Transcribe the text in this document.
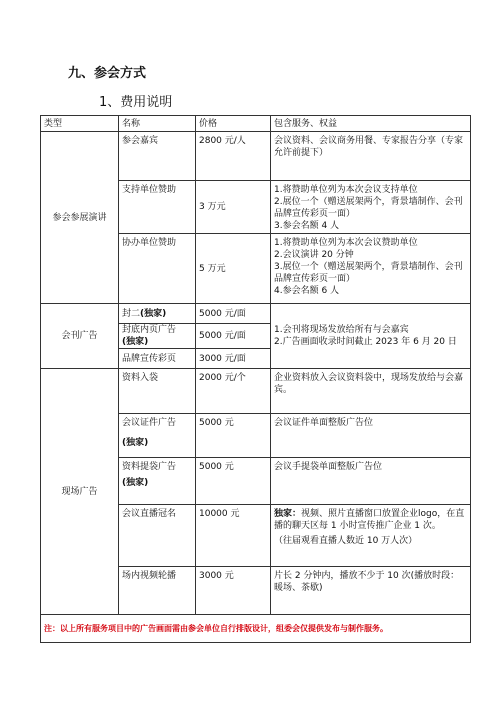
九、参会方式
1、费用说明
类型	名称	价格	包含服务、权益
参会参展演讲	参会嘉宾	2800 元/人	会议资料、会议商务用餐、专家报告分享（专家允许前提下）
	支持单位赞助	3 万元	1.将赞助单位列为本次会议支持单位
2.展位一个（赠送展架两个，背景墙制作、会刊品牌宣传彩页一面）
3.参会名额 4 人

	协办单位赞助	5 万元	1.将赞助单位列为本次会议赞助单位
2.会议演讲 20 分钟
3.展位一个（赠送展架两个，背景墙制作、会刊品牌宣传彩页一面）
4.参会名额 6 人

会刊广告	封二(独家)	5000 元/面	1.会刊将现场发放给所有与会嘉宾
2.广告画面收录时间截止 2023 年 6 月 20 日

	封底内页广告
(独家)	5000 元/面	
	品牌宣传彩页	3000 元/面	
现场广告	资料入袋	2000 元/个	企业资料放入会议资料袋中，现场发放给与会嘉宾。

	会议证件广告
(独家)	5000 元	会议证件单面整版广告位

	资料提袋广告
(独家)	5000 元	会议手提袋单面整版广告位
	会议直播冠名	10000 元	独家：视频、照片直播窗口放置企业logo，在直播的聊天区每 1 小时宣传推广企业 1 次。
（往届观看直播人数近 10 万人次）

	场内视频轮播	3000 元	片长 2 分钟内，播放不少于 10 次(播放时段：暖场、茶歇)
注：以上所有服务项目中的广告画面需由参会单位自行排版设计，组委会仅提供发布与制作服务。			
